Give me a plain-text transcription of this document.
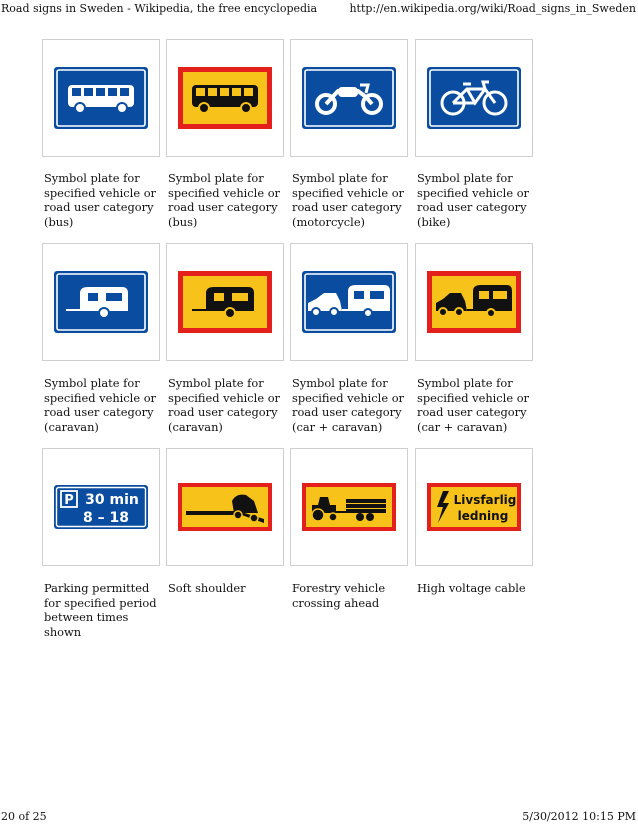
Road signs in Sweden - Wikipedia, the free encyclopedia	http://en.wikipedia.org/wiki/Road_signs_in_Sweden
Symbol plate for specified vehicle or road user category (bus)
Symbol plate for specified vehicle or road user category (bus)
Symbol plate for specified vehicle or road user category (motorcycle)
Symbol plate for specified vehicle or road user category (bike)
Symbol plate for specified vehicle or road user category (caravan)
Symbol plate for specified vehicle or road user category (caravan)
Symbol plate for specified vehicle or road user category (car + caravan)
Symbol plate for specified vehicle or road user category (car + caravan)
P 30 min
8 – 18
Livsfarlig
ledning
Parking permitted for specified period between times shown
Soft shoulder	Forestry vehicle crossing ahead
High voltage cable
20 of 25	5/30/2012 10:15 PM
